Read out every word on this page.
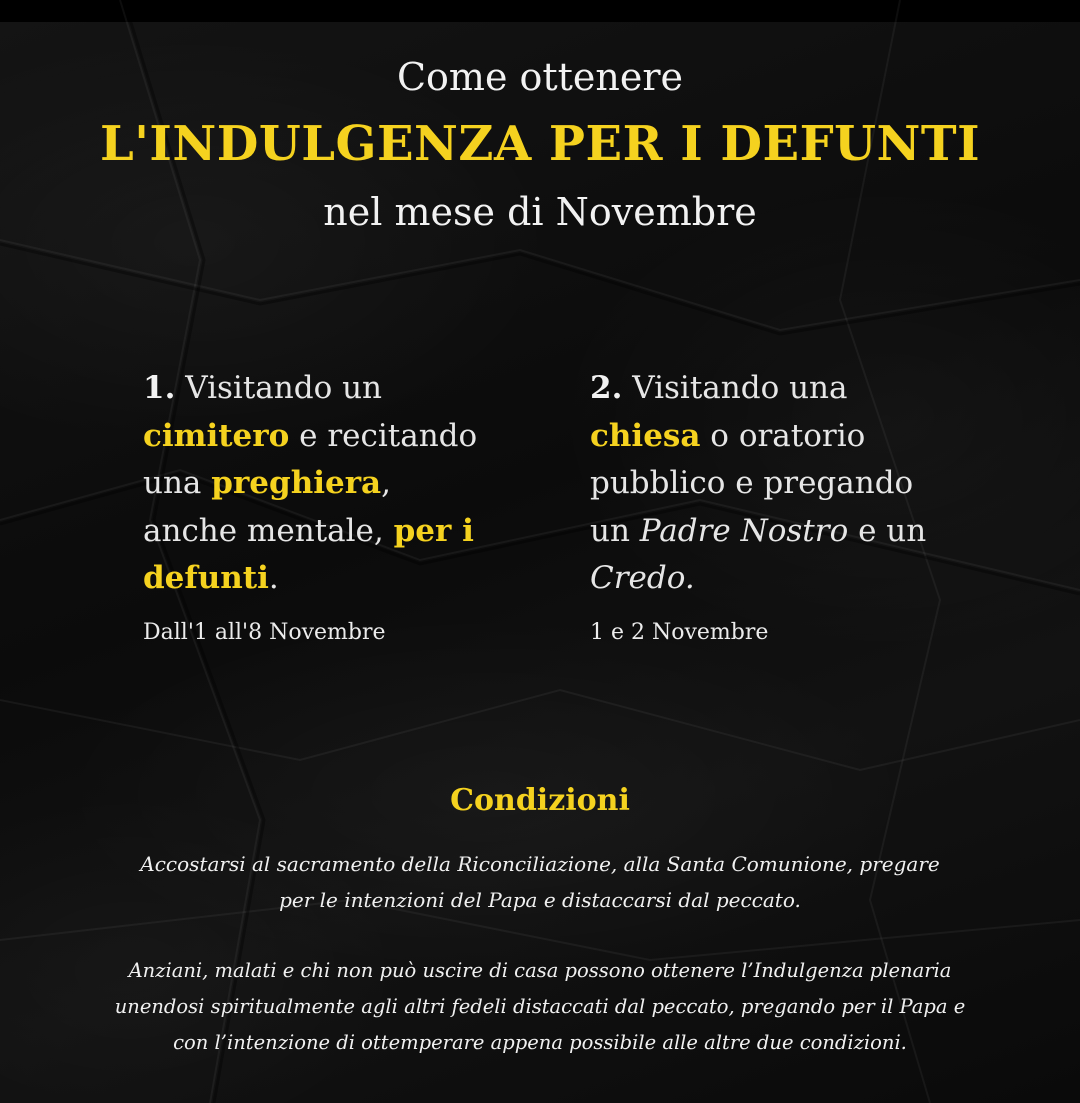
Come ottenere
L'INDULGENZA PER I DEFUNTI
nel mese di Novembre
1. Visitando un
cimitero e recitando
una preghiera,
anche mentale, per i
defunti.
2. Visitando una
chiesa o oratorio
pubblico e pregando
un Padre Nostro e un
Credo.
Dall'1 all'8 Novembre	1 e 2 Novembre
Condizioni
Accostarsi al sacramento della Riconciliazione, alla Santa Comunione, pregare
per le intenzioni del Papa e distaccarsi dal peccato.
Anziani, malati e chi non può uscire di casa possono ottenere l’Indulgenza plenaria
unendosi spiritualmente agli altri fedeli distaccati dal peccato, pregando per il Papa e
con l’intenzione di ottemperare appena possibile alle altre due condizioni.
